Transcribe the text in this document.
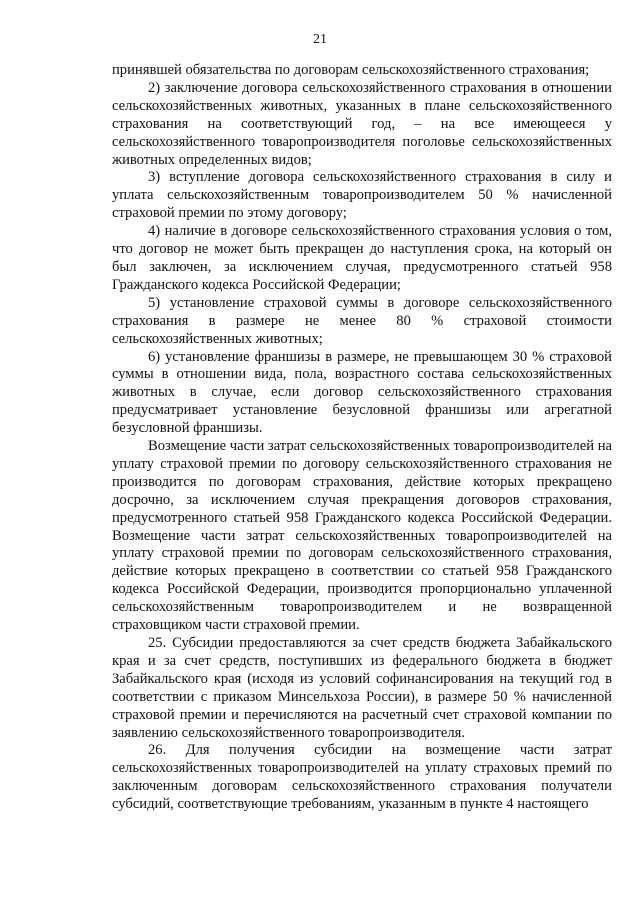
21

принявшей обязательства по договорам сельскохозяйственного страхования;

2) заключение договора сельскохозяйственного страхования в отношении сельскохозяйственных животных, указанных в плане сельскохозяйственного страхования на соответствующий год, – на все имеющееся у сельскохозяйственного товаропроизводителя поголовье сельскохозяйственных животных определенных видов;

3) вступление договора сельскохозяйственного страхования в силу и уплата сельскохозяйственным товаропроизводителем 50 % начисленной страховой премии по этому договору;

4) наличие в договоре сельскохозяйственного страхования условия о том, что договор не может быть прекращен до наступления срока, на который он был заключен, за исключением случая, предусмотренного статьей 958 Гражданского кодекса Российской Федерации;

5) установление страховой суммы в договоре сельскохозяйственного страхования в размере не менее 80 % страховой стоимости сельскохозяйственных животных;

6) установление франшизы в размере, не превышающем 30 % страховой суммы в отношении вида, пола, возрастного состава сельскохозяйственных животных в случае, если договор сельскохозяйственного страхования предусматривает установление безусловной франшизы или агрегатной безусловной франшизы.

Возмещение части затрат сельскохозяйственных товаропроизводителей на уплату страховой премии по договору сельскохозяйственного страхования не производится по договорам страхования, действие которых прекращено досрочно, за исключением случая прекращения договоров страхования, предусмотренного статьей 958 Гражданского кодекса Российской Федерации. Возмещение части затрат сельскохозяйственных товаропроизводителей на уплату страховой премии по договорам сельскохозяйственного страхования, действие которых прекращено в соответствии со статьей 958 Гражданского кодекса Российской Федерации, производится пропорционально уплаченной сельскохозяйственным товаропроизводителем и не возвращенной страховщиком части страховой премии.

25. Субсидии предоставляются за счет средств бюджета Забайкальского края и за счет средств, поступивших из федерального бюджета в бюджет Забайкальского края (исходя из условий софинансирования на текущий год в соответствии с приказом Минсельхоза России), в размере 50 % начисленной страховой премии и перечисляются на расчетный счет страховой компании по заявлению сельскохозяйственного товаропроизводителя.

26. Для получения субсидии на возмещение части затрат сельскохозяйственных товаропроизводителей на уплату страховых премий по заключенным договорам сельскохозяйственного страхования получатели субсидий, соответствующие требованиям, указанным в пункте 4 настоящего
